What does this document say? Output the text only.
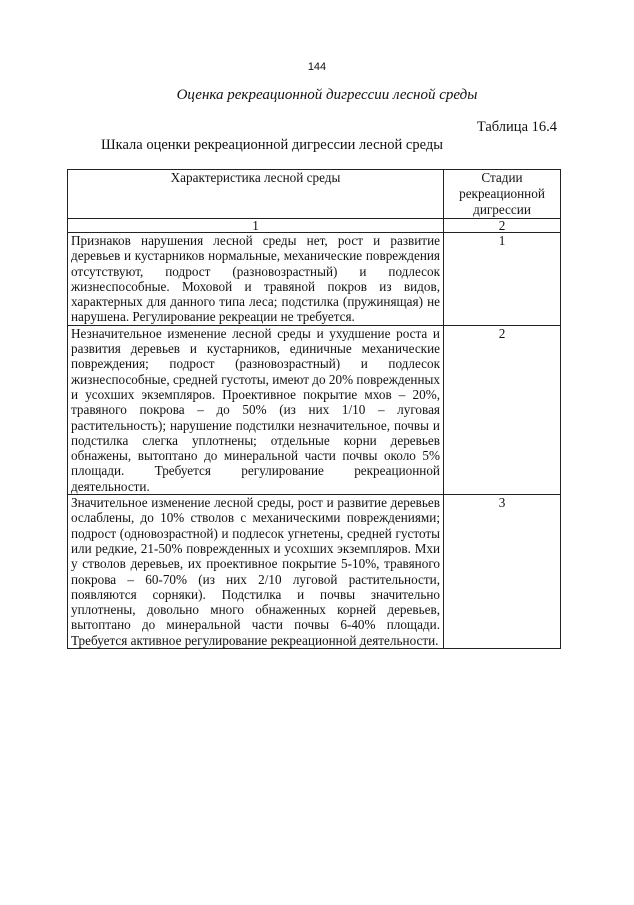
144
Оценка рекреационной дигрессии лесной среды
Таблица 16.4
Шкала оценки рекреационной дигрессии лесной среды
Характеристика лесной среды	Стадии рекреационной дигрессии
1	2
Признаков нарушения лесной среды нет, рост и развитие деревьев и кустарников нормальные, механические повреждения отсутствуют, подрост (разновозрастный) и подлесок жизнеспособные. Моховой и травяной покров из видов, характерных для данного типа леса; подстилка (пружинящая) не нарушена. Регулирование рекреации не требуется.	1
Незначительное изменение лесной среды и ухудшение роста и развития деревьев и кустарников, единичные механические повреждения; подрост (разновозрастный) и подлесок жизнеспособные, средней густоты, имеют до 20% поврежденных и усохших экземпляров. Проективное покрытие мхов – 20%, травяного покрова – до 50% (из них 1/10 – луговая растительность); нарушение подстилки незначительное, почвы и подстилка слегка уплотнены; отдельные корни деревьев обнажены, вытоптано до минеральной части почвы около 5% площади. Требуется регулирование рекреационной деятельности.	2
Значительное изменение лесной среды, рост и развитие деревьев ослаблены, до 10% стволов с механическими повреждениями; подрост (одновозрастной) и подлесок угнетены, средней густоты или редкие, 21-50% поврежденных и усохших экземпляров. Мхи у стволов деревьев, их проективное покрытие 5-10%, травяного покрова – 60-70% (из них 2/10 луговой растительности, появляются сорняки). Подстилка и почвы значительно уплотнены, довольно много обнаженных корней деревьев, вытоптано до минеральной части почвы 6-40% площади. Требуется активное регулирование рекреационной деятельности.	3
